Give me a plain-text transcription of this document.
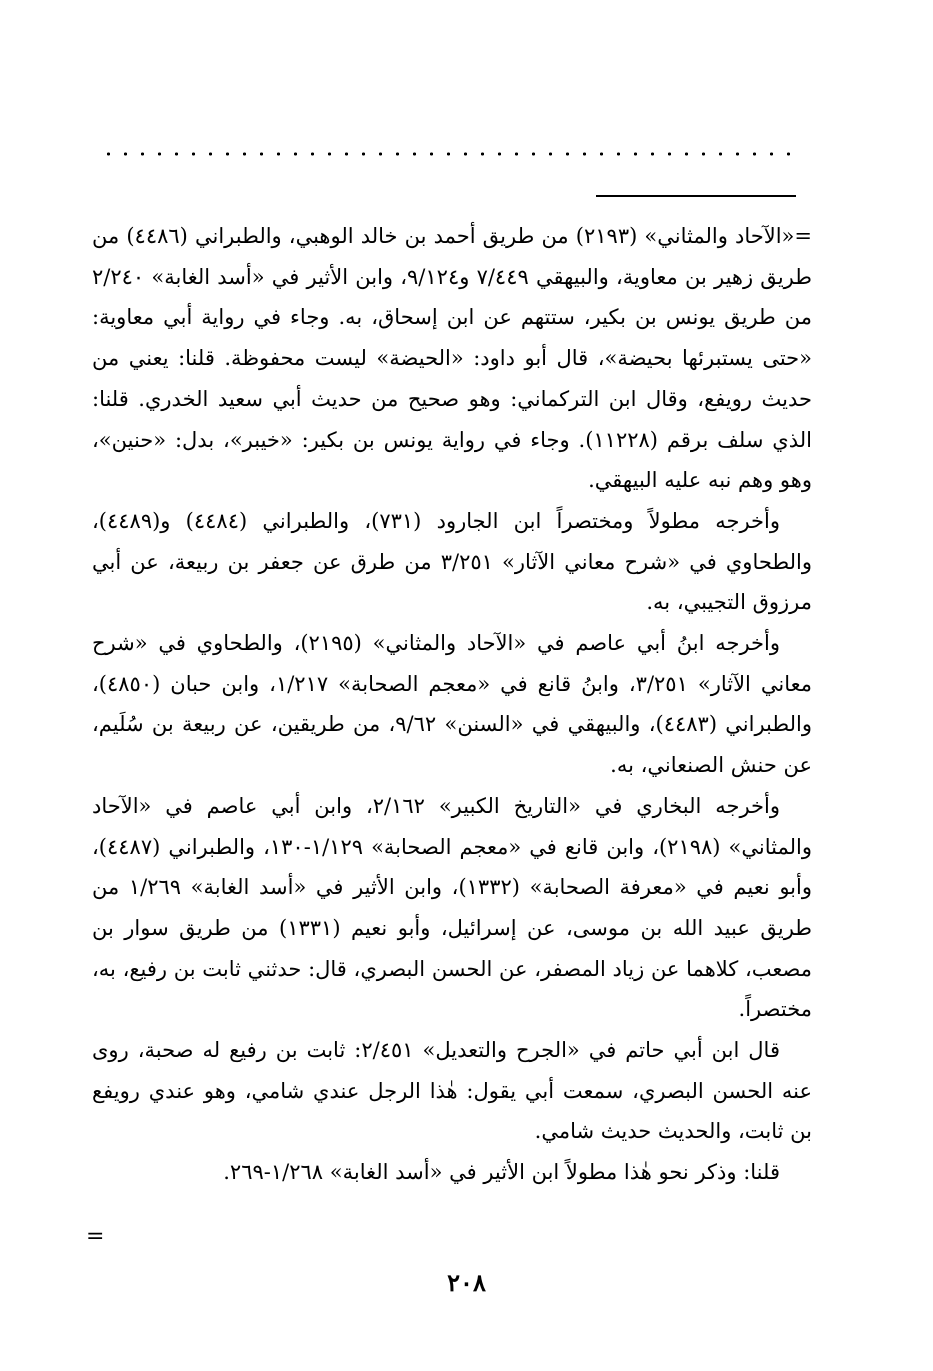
=«الآحاد والمثاني» (٢١٩٣) من طريق أحمد بن خالد الوهبي، والطبراني (٤٤٨٦) من طريق زهير بن معاوية، والبيهقي ٧/٤٤٩ و٩/١٢٤، وابن الأثير في «أسد الغابة» ٢/٢٤٠ من طريق يونس بن بكير، ستتهم عن ابن إسحاق، به. وجاء في رواية أبي معاوية: «حتى يستبرئها بحيضة»، قال أبو داود: «الحيضة» ليست محفوظة. قلنا: يعني من حديث رويفع، وقال ابن التركماني: وهو صحيح من حديث أبي سعيد الخدري. قلنا: الذي سلف برقم (١١٢٢٨). وجاء في رواية يونس بن بكير: «خيبر»، بدل: «حنين»، وهو وهم نبه عليه البيهقي.

وأخرجه مطولاً ومختصراً ابن الجارود (٧٣١)، والطبراني (٤٤٨٤) و(٤٤٨٩)، والطحاوي في «شرح معاني الآثار» ٣/٢٥١ من طرق عن جعفر بن ربيعة، عن أبي مرزوق التجيبي، به.

وأخرجه ابنُ أبي عاصم في «الآحاد والمثاني» (٢١٩٥)، والطحاوي في «شرح معاني الآثار» ٣/٢٥١، وابنُ قانع في «معجم الصحابة» ١/٢١٧، وابن حبان (٤٨٥٠)، والطبراني (٤٤٨٣)، والبيهقي في «السنن» ٩/٦٢، من طريقين، عن ربيعة بن سُلَيم، عن حنش الصنعاني، به.

وأخرجه البخاري في «التاريخ الكبير» ٢/١٦٢، وابن أبي عاصم في «الآحاد والمثاني» (٢١٩٨)، وابن قانع في «معجم الصحابة» ١/١٢٩-١٣٠، والطبراني (٤٤٨٧)، وأبو نعيم في «معرفة الصحابة» (١٣٣٢)، وابن الأثير في «أسد الغابة» ١/٢٦٩ من طريق عبيد الله بن موسى، عن إسرائيل، وأبو نعيم (١٣٣١) من طريق سوار بن مصعب، كلاهما عن زياد المصفر، عن الحسن البصري، قال: حدثني ثابت بن رفيع، به، مختصراً.

قال ابن أبي حاتم في «الجرح والتعديل» ٢/٤٥١: ثابت بن رفيع له صحبة، روى عنه الحسن البصري، سمعت أبي يقول: هٰذا الرجل عندي شامي، وهو عندي رويفع بن ثابت، والحديث حديث شامي.

قلنا: وذكر نحو هٰذا مطولاً ابن الأثير في «أسد الغابة» ١/٢٦٨-٢٦٩.

=
٢٠٨
